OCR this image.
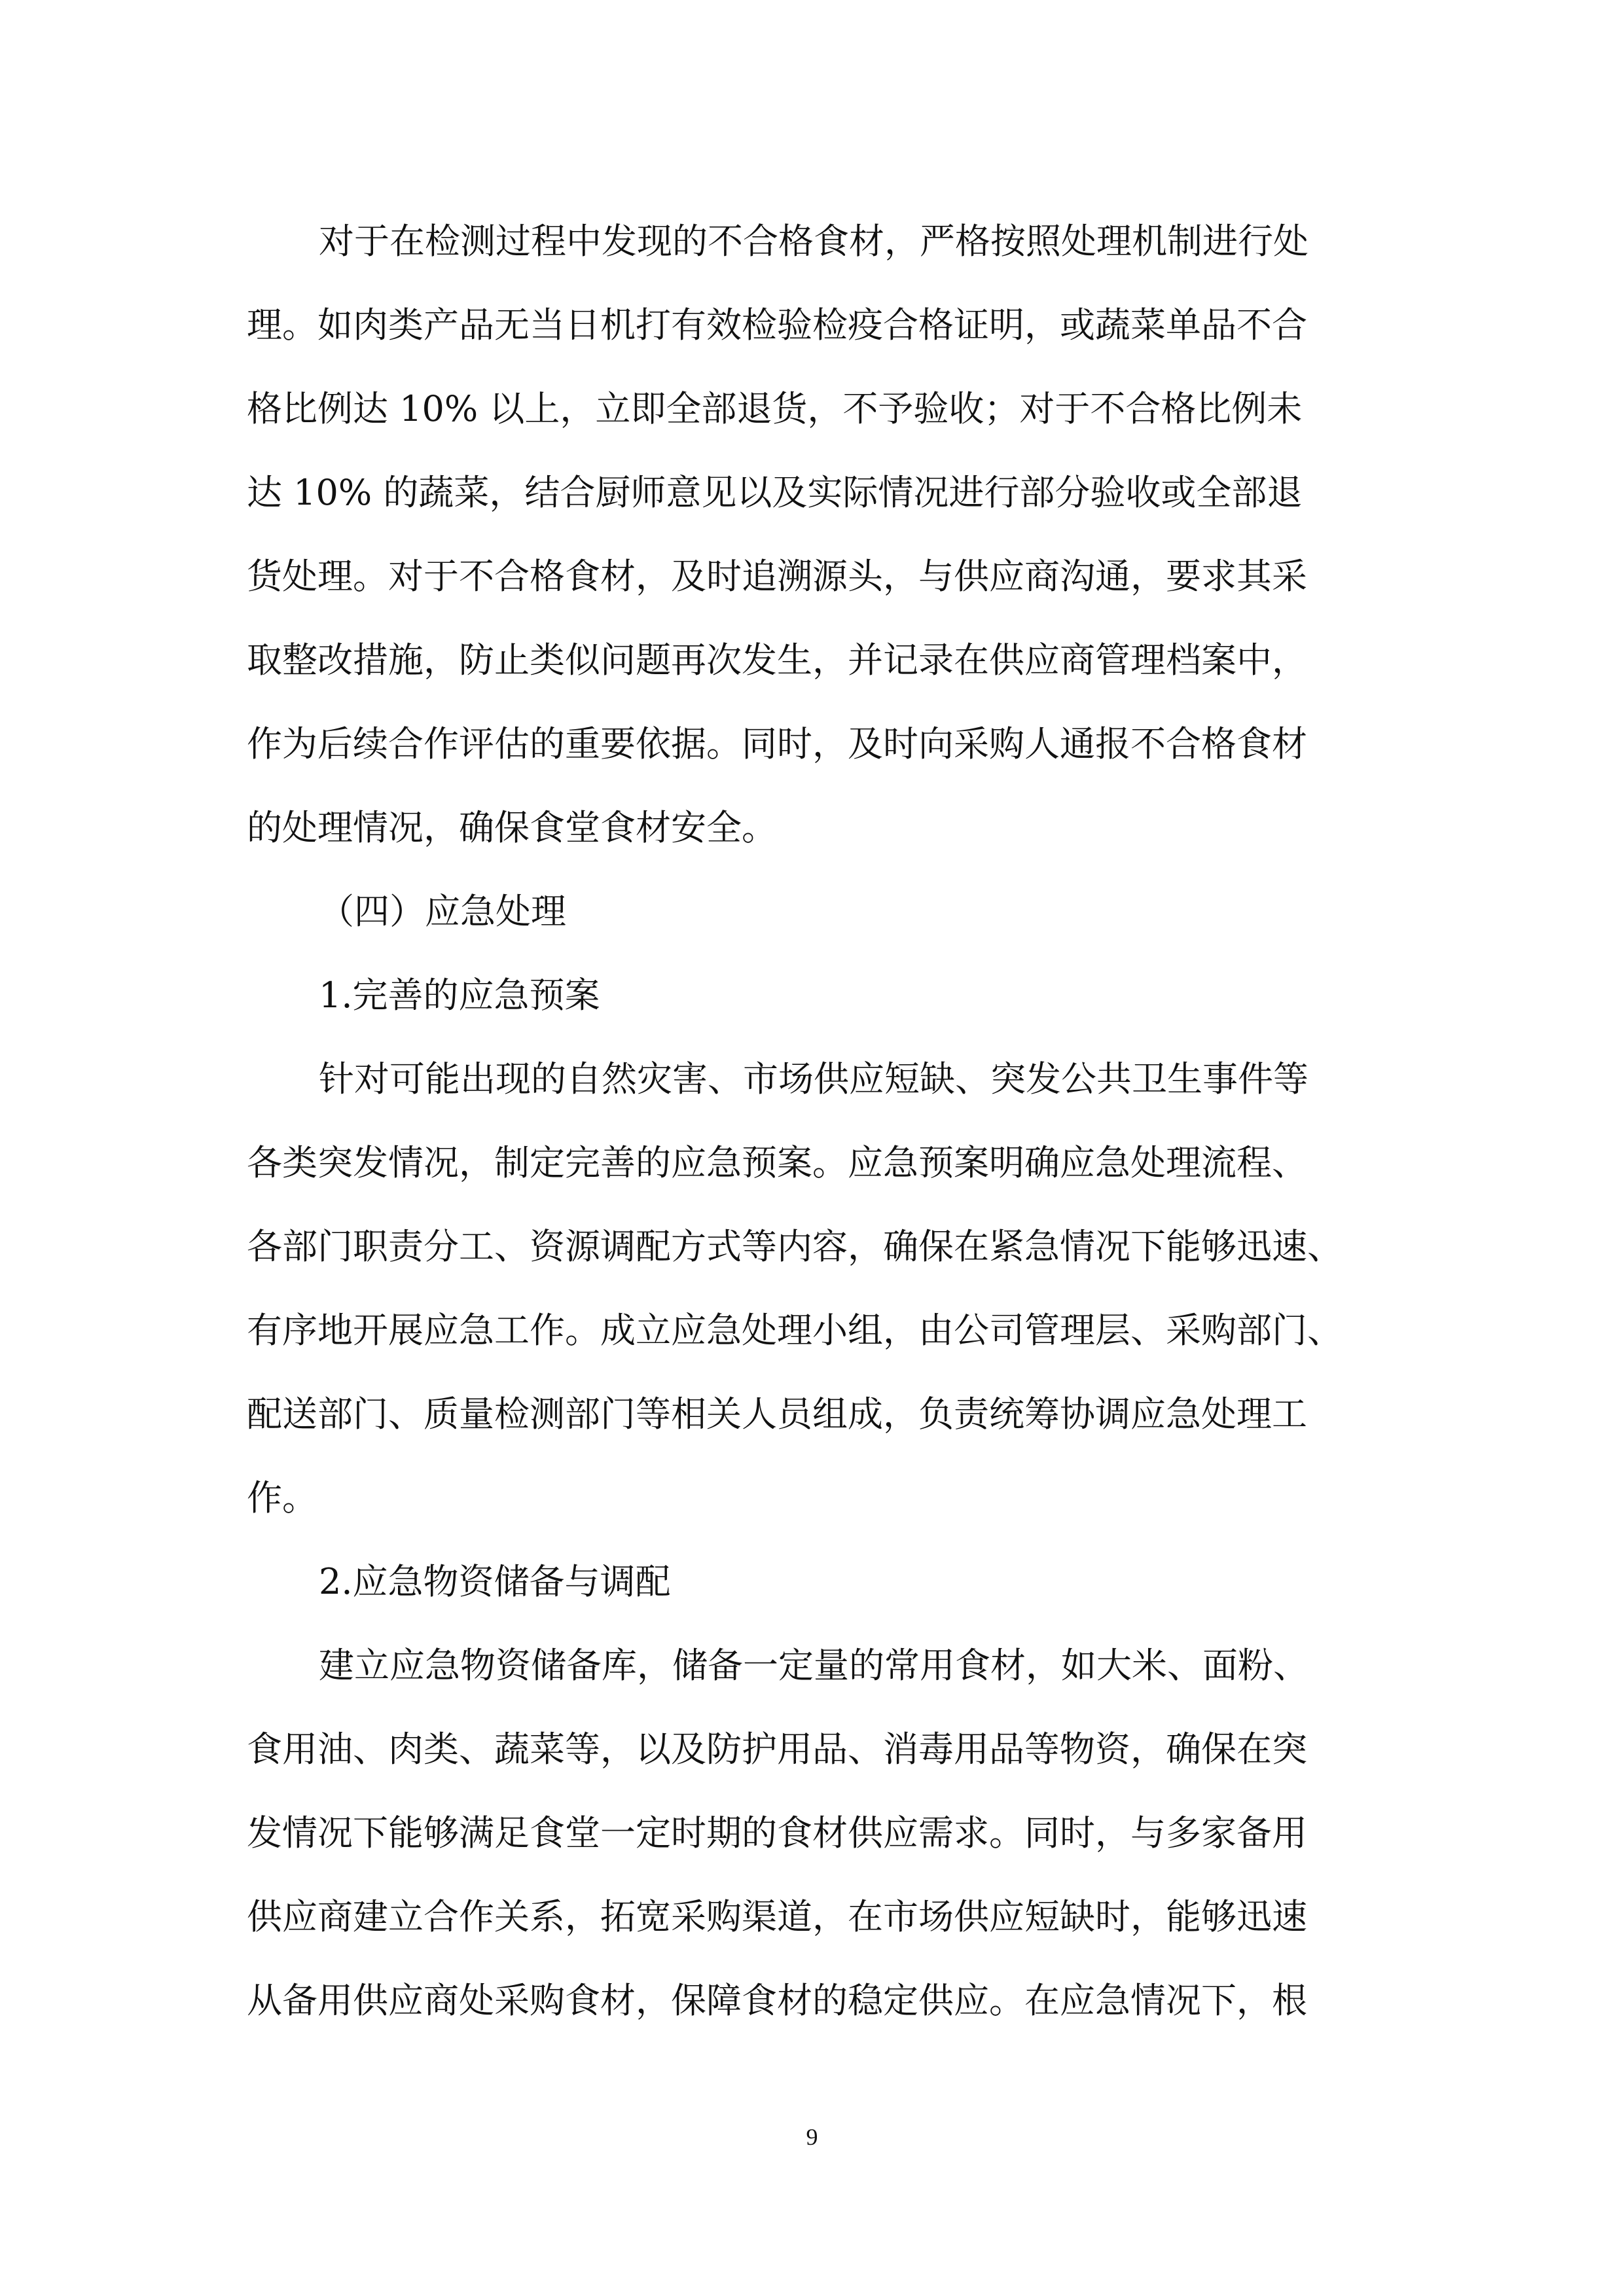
对于在检测过程中发现的不合格食材，严格按照处理机制进行处
理。如肉类产品无当日机打有效检验检疫合格证明，或蔬菜单品不合
格比例达 10% 以上，立即全部退货，不予验收；对于不合格比例未
达 10% 的蔬菜，结合厨师意见以及实际情况进行部分验收或全部退
货处理。对于不合格食材，及时追溯源头，与供应商沟通，要求其采
取整改措施，防止类似问题再次发生，并记录在供应商管理档案中，
作为后续合作评估的重要依据。同时，及时向采购人通报不合格食材
的处理情况，确保食堂食材安全。
（四）应急处理
1.完善的应急预案
针对可能出现的自然灾害、市场供应短缺、突发公共卫生事件等
各类突发情况，制定完善的应急预案。应急预案明确应急处理流程、
各部门职责分工、资源调配方式等内容，确保在紧急情况下能够迅速、
有序地开展应急工作。成立应急处理小组，由公司管理层、采购部门、
配送部门、质量检测部门等相关人员组成，负责统筹协调应急处理工
作。
2.应急物资储备与调配
建立应急物资储备库，储备一定量的常用食材，如大米、面粉、
食用油、肉类、蔬菜等，以及防护用品、消毒用品等物资，确保在突
发情况下能够满足食堂一定时期的食材供应需求。同时，与多家备用
供应商建立合作关系，拓宽采购渠道，在市场供应短缺时，能够迅速
从备用供应商处采购食材，保障食材的稳定供应。在应急情况下，根
9
